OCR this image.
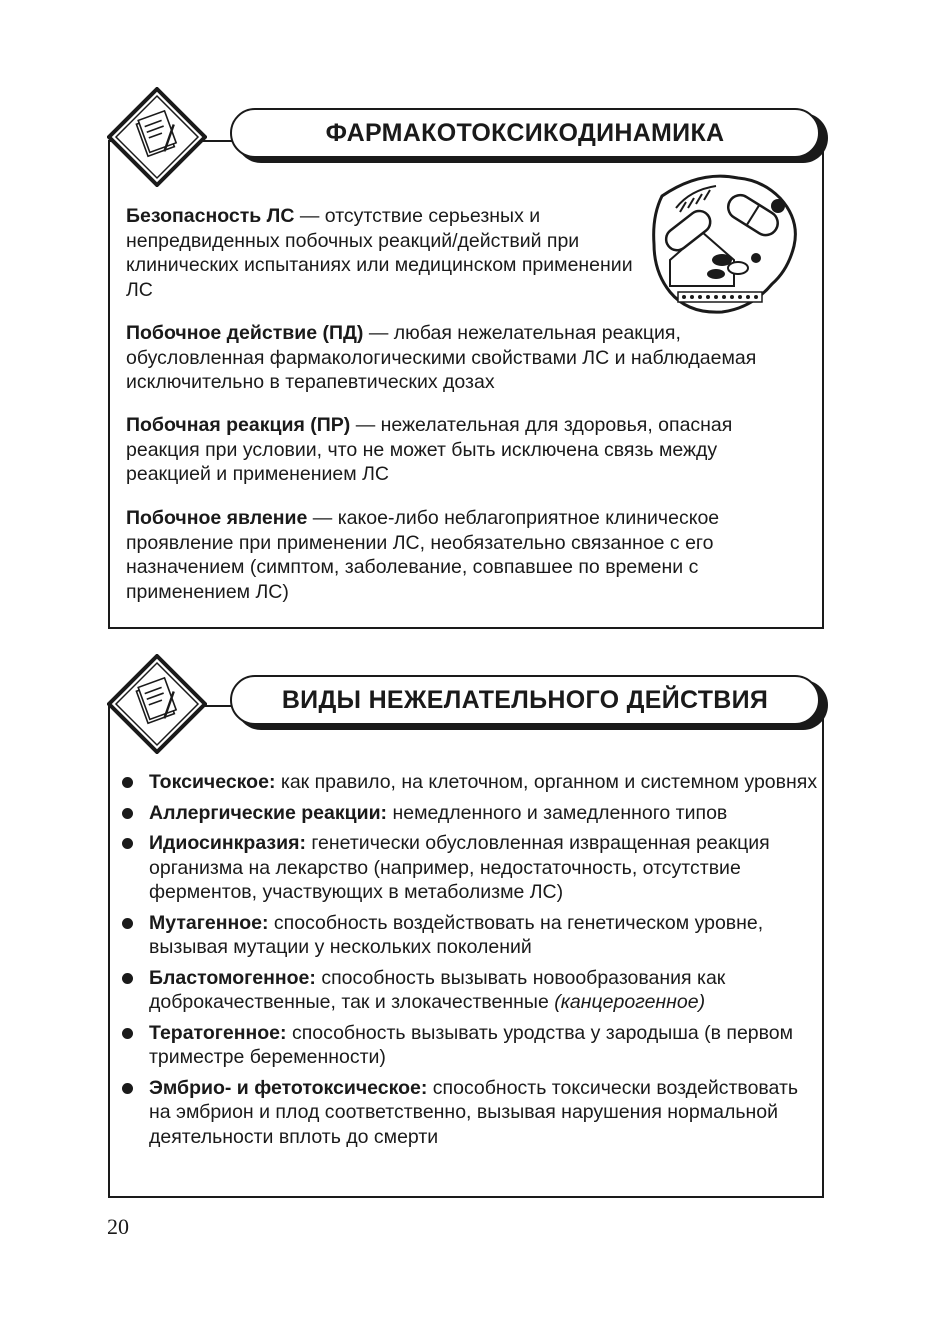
ФАРМАКОТОКСИКОДИНАМИКА

Безопасность ЛС — отсутствие серьезных и непредвиденных побочных реакций/действий при клинических испытаниях или медицинском применении ЛС

Побочное действие (ПД) — любая нежелательная реакция, обусловленная фармакологическими свойствами ЛС и наблюдаемая исключительно в терапевтических дозах

Побочная реакция (ПР) — нежелательная для здоровья, опасная реакция при условии, что не может быть исключена связь между реакцией и применением ЛС

Побочное явление — какое-либо неблагоприятное клиническое проявление при применении ЛС, необязательно связанное с его назначением (симптом, заболевание, совпавшее по времени с применением ЛС)

ВИДЫ НЕЖЕЛАТЕЛЬНОГО ДЕЙСТВИЯ
Токсическое: как правило, на клеточном, органном и системном уровнях
Аллергические реакции: немедленного и замедленного типов
Идиосинкразия: генетически обусловленная извращенная реакция организма на лекарство (например, недостаточность, отсутствие ферментов, участвующих в метаболизме ЛС)
Мутагенное: способность воздействовать на генетическом уровне, вызывая мутации у нескольких поколений
Бластомогенное: способность вызывать новообразования как доброкачественные, так и злокачественные (канцерогенное)
Тератогенное: способность вызывать уродства у зародыша (в первом триместре беременности)
Эмбрио- и фетотоксическое: способность токсически воздействовать на эмбрион и плод соответственно, вызывая нарушения нормальной деятельности вплоть до смерти
20
